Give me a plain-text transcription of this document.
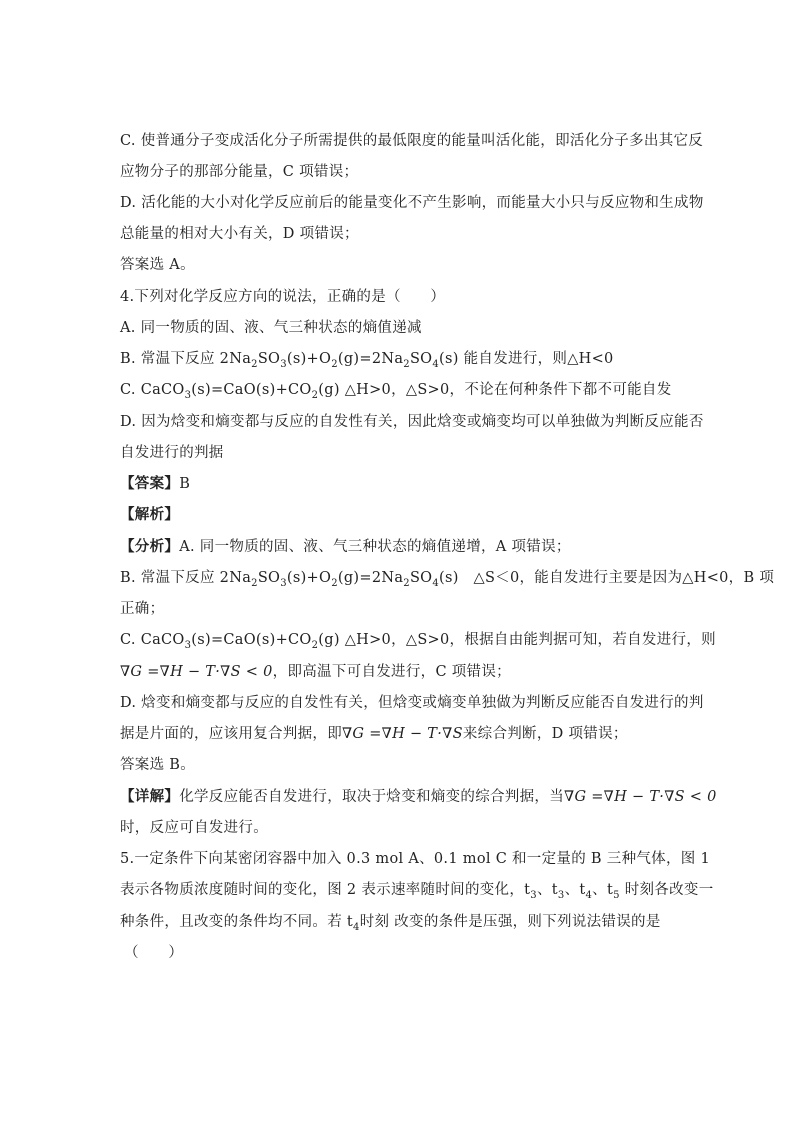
C. 使普通分子变成活化分子所需提供的最低限度的能量叫活化能，即活化分子多出其它反
应物分子的那部分能量，C 项错误；
D. 活化能的大小对化学反应前后的能量变化不产生影响，而能量大小只与反应物和生成物
总能量的相对大小有关，D 项错误；
答案选 A。
4.下列对化学反应方向的说法，正确的是（　　）
A. 同一物质的固、液、气三种状态的熵值递减
B. 常温下反应 $2Na_2SO_3(s)+O_2(g)=2Na_2SO_4(s)$ 能自发进行，则△H<0
C. $CaCO_3(s)=CaO(s)+CO_2(g)$ △H>0，△S>0，不论在何种条件下都不可能自发
D. 因为焓变和熵变都与反应的自发性有关，因此焓变或熵变均可以单独做为判断反应能否
自发进行的判据
【答案】B
【解析】
【分析】A. 同一物质的固、液、气三种状态的熵值递增，A 项错误；
B. 常温下反应 $2Na_2SO_3(s)+O_2(g)=2Na_2SO_4(s)$　△S＜0，能自发进行主要是因为△H<0，B 项
正确；
C. $CaCO_3(s)=CaO(s)+CO_2(g)$ △H>0，△S>0，根据自由能判据可知，若自发进行，则
∇G =∇H − T·∇S < 0，即高温下可自发进行，C 项错误；
D. 焓变和熵变都与反应的自发性有关，但焓变或熵变单独做为判断反应能否自发进行的判
据是片面的，应该用复合判据，即∇G =∇H − T·∇S来综合判断，D 项错误；
答案选 B。
【详解】化学反应能否自发进行，取决于焓变和熵变的综合判据，当∇G =∇H − T·∇S < 0
时，反应可自发进行。
5.一定条件下向某密闭容器中加入 0.3 mol A、0.1 mol C 和一定量的 B 三种气体，图 1
表示各物质浓度随时间的变化，图 2 表示速率随时间的变化，$t_3$、$t_3$、$t_4$、$t_5$ 时刻各改变一
种条件，且改变的条件均不同。若 $t_4$时刻 改变的条件是压强，则下列说法错误的是
（　　）
